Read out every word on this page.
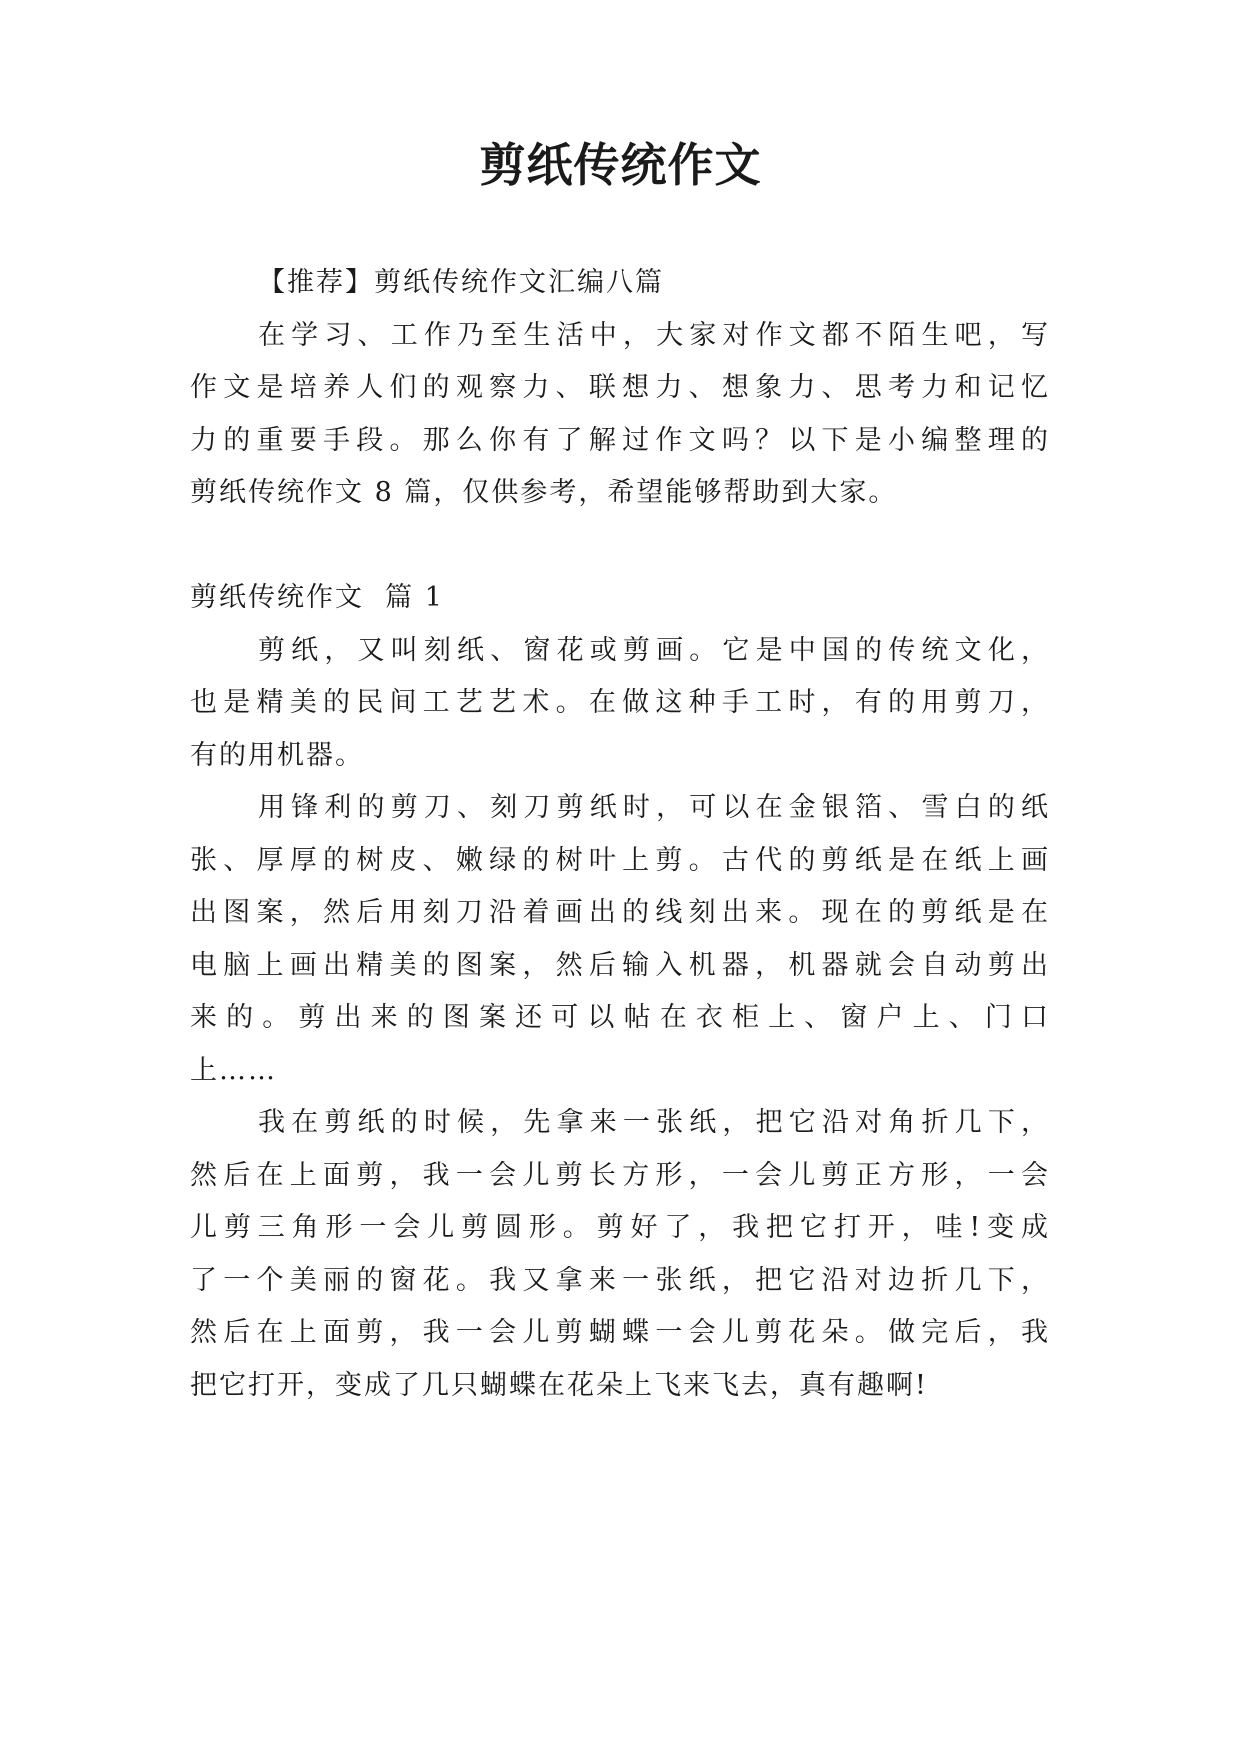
剪纸传统作文
【推荐】剪纸传统作文汇编八篇
在学习、工作乃至生活中，大家对作文都不陌生吧，写
作文是培养人们的观察力、联想力、想象力、思考力和记忆
力的重要手段。那么你有了解过作文吗？以下是小编整理的
剪纸传统作文 8 篇，仅供参考，希望能够帮助到大家。
剪纸传统作文  篇 1
剪纸，又叫刻纸、窗花或剪画。它是中国的传统文化，
也是精美的民间工艺艺术。在做这种手工时，有的用剪刀，
有的用机器。
用锋利的剪刀、刻刀剪纸时，可以在金银箔、雪白的纸
张、厚厚的树皮、嫩绿的树叶上剪。古代的剪纸是在纸上画
出图案，然后用刻刀沿着画出的线刻出来。现在的剪纸是在
电脑上画出精美的图案，然后输入机器，机器就会自动剪出
来的。剪出来的图案还可以帖在衣柜上、窗户上、门口
上……
我在剪纸的时候，先拿来一张纸，把它沿对角折几下，
然后在上面剪，我一会儿剪长方形，一会儿剪正方形，一会
儿剪三角形一会儿剪圆形。剪好了，我把它打开，哇!变成
了一个美丽的窗花。我又拿来一张纸，把它沿对边折几下，
然后在上面剪，我一会儿剪蝴蝶一会儿剪花朵。做完后，我
把它打开，变成了几只蝴蝶在花朵上飞来飞去，真有趣啊!
